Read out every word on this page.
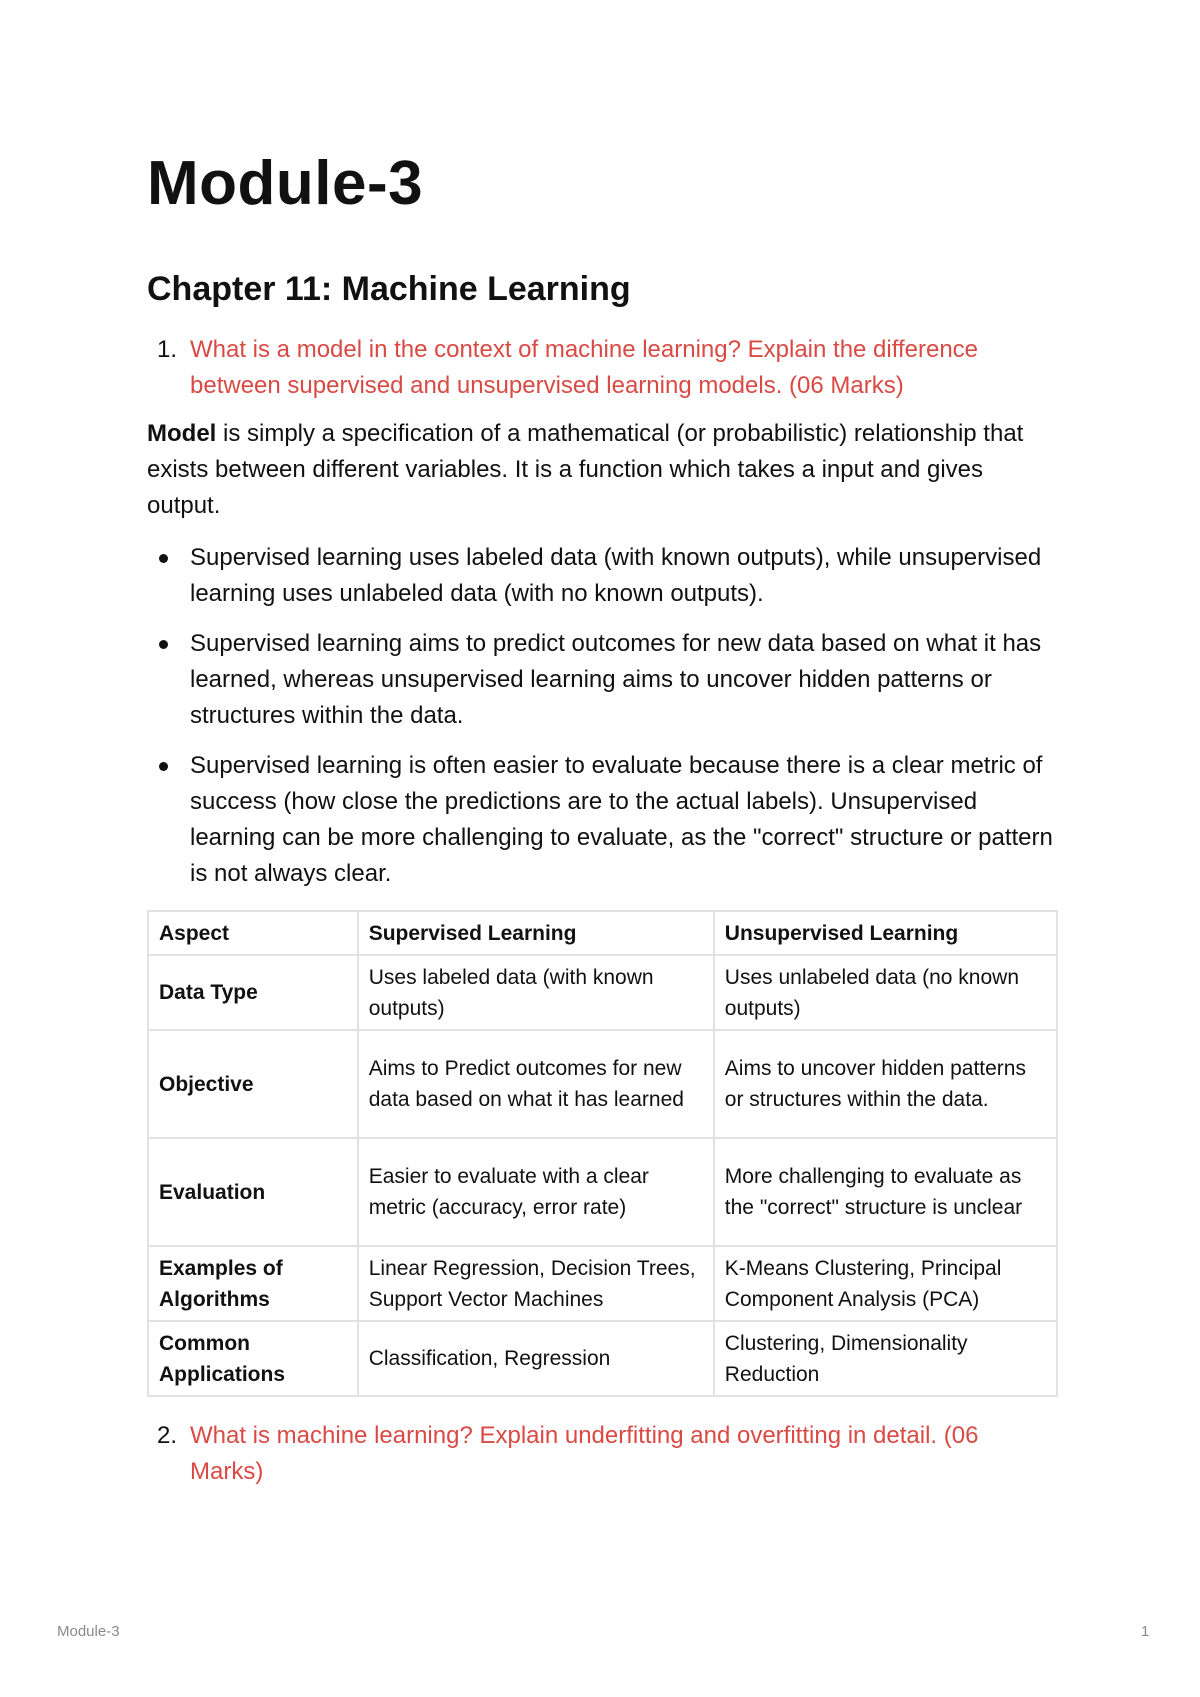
Module-3
Chapter 11: Machine Learning
1. What is a model in the context of machine learning? Explain the difference between supervised and unsupervised learning models. (06 Marks)

Model is simply a specification of a mathematical (or probabilistic) relationship that exists between different variables. It is a function which takes a input and gives output.

Supervised learning uses labeled data (with known outputs), while unsupervised learning uses unlabeled data (with no known outputs).
Supervised learning aims to predict outcomes for new data based on what it has learned, whereas unsupervised learning aims to uncover hidden patterns or structures within the data.
Supervised learning is often easier to evaluate because there is a clear metric of success (how close the predictions are to the actual labels). Unsupervised learning can be more challenging to evaluate, as the "correct" structure or pattern is not always clear.
Aspect	Supervised Learning	Unsupervised Learning
Data Type	Uses labeled data (with known outputs)	Uses unlabeled data (no known outputs)
Objective	Aims to Predict outcomes for new data based on what it has learned	Aims to uncover hidden patterns or structures within the data.
Evaluation	Easier to evaluate with a clear metric (accuracy, error rate)	More challenging to evaluate as the "correct" structure is unclear
Examples of Algorithms	Linear Regression, Decision Trees, Support Vector Machines	K-Means Clustering, Principal Component Analysis (PCA)
Common Applications	Classification, Regression	Clustering, Dimensionality Reduction
2. What is machine learning? Explain underfitting and overfitting in detail. (06 Marks)
Module-3	1
